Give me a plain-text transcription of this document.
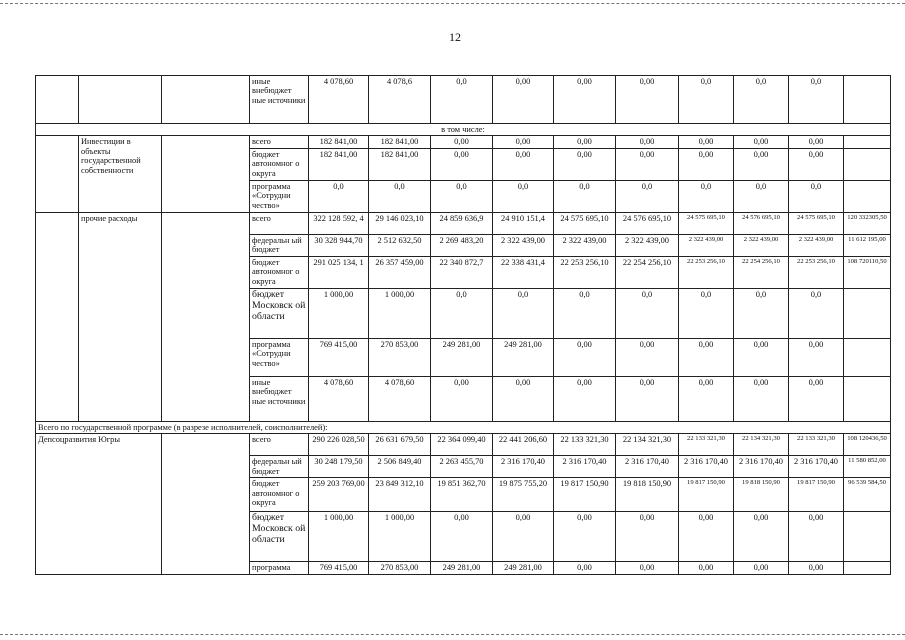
12
			иные внебюджет ные источники	4 078,60	4 078,6	0,0	0,00	0,00	0,00	0,0	0,0	0,0	
в том числе:													
	Инвестиции в объекты государственной собственности		всего	182 841,00	182 841,00	0,00	0,00	0,00	0,00	0,00	0,00	0,00	
			бюджет автономног о округа	182 841,00	182 841,00	0,00	0,00	0,00	0,00	0,00	0,00	0,00	
			программа «Сотрудни чество»	0,0	0,0	0,0	0,0	0,0	0,0	0,0	0,0	0,0	
	прочие расходы		всего	322 128 592, 4	29 146 023,10	24 859 636,9	24 910 151,4	24 575 695,10	24 576 695,10	24 575 695,10	24 576 695,10	24 575 695,10	120 332305,50
			федеральн ый бюджет	30 328 944,70	2 512 632,50	2 269 483,20	2 322 439,00	2 322 439,00	2 322 439,00	2 322 439,00	2 322 439,00	2 322 439,00	11 612 195,00
			бюджет автономног о округа	291 025 134, 1	26 357 459,00	22 340 872,7	22 338 431,4	22 253 256,10	22 254 256,10	22 253 256,10	22 254 256,10	22 253 256,10	108 720110,50
			бюджет Московск ой области	1 000,00	1 000,00	0,0	0,0	0,0	0,0	0,0	0,0	0,0	
			программа «Сотрудни чество»	769 415,00	270 853,00	249 281,00	249 281,00	0,00	0,00	0,00	0,00	0,00	
			иные внебюджет ные источники	4 078,60	4 078,60	0,00	0,00	0,00	0,00	0,00	0,00	0,00	
Всего по государственной программе (в разрезе исполнителей, соисполнителей):													
Депсоцразвития Югры			всего	290 226 028,50	26 631 679,50	22 364 099,40	22 441 206,60	22 133 321,30	22 134 321,30	22 133 321,30	22 134 321,30	22 133 321,30	108 120436,50
			федеральн ый бюджет	30 248 179,50	2 506 849,40	2 263 455,70	2 316 170,40	2 316 170,40	2 316 170,40	2 316 170,40	2 316 170,40	2 316 170,40	11 580 852,00
			бюджет автономног о округа	259 203 769,00	23 849 312,10	19 851 362,70	19 875 755,20	19 817 150,90	19 818 150,90	19 817 150,90	19 818 150,90	19 817 150,90	96 539 584,50
			бюджет Московск ой области	1 000,00	1 000,00	0,00	0,00	0,00	0,00	0,00	0,00	0,00	
			программа	769 415,00	270 853,00	249 281,00	249 281,00	0,00	0,00	0,00	0,00	0,00	
